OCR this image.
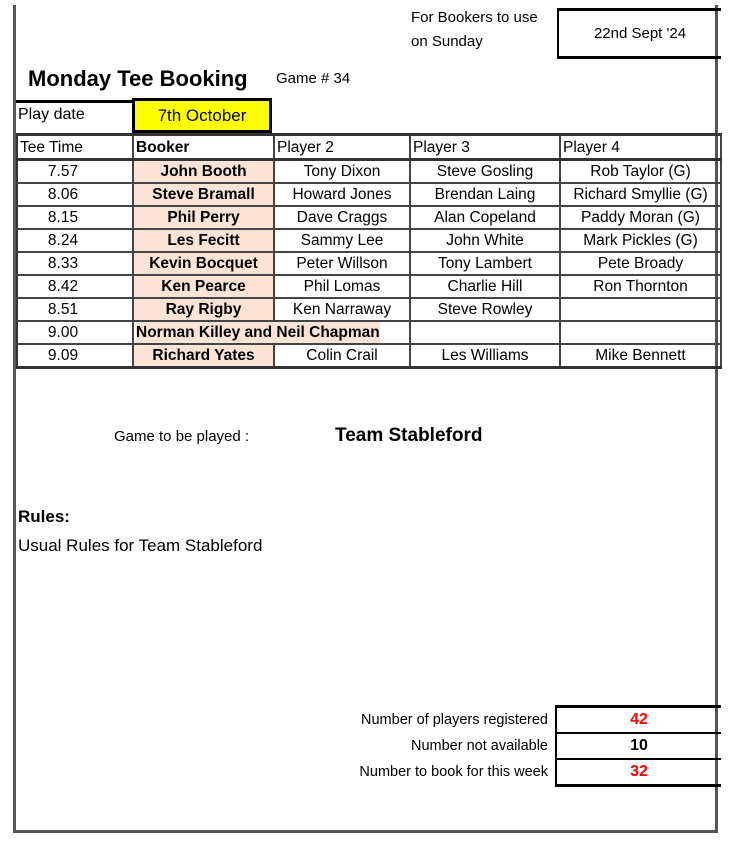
For Bookers to use
on Sunday	22nd Sept '24
Monday Tee Booking Game # 34
Play date	7th October
Tee Time	Booker	Player 2	Player 3	Player 4
7.57	John Booth	Tony Dixon	Steve Gosling	Rob Taylor (G)
8.06	Steve Bramall	Howard Jones	Brendan Laing	Richard Smyllie (G)
8.15	Phil Perry	Dave Craggs	Alan Copeland	Paddy Moran (G)
8.24	Les Fecitt	Sammy Lee	John White	Mark Pickles (G)
8.33	Kevin Bocquet	Peter Willson	Tony Lambert	Pete Broady
8.42	Ken Pearce	Phil Lomas	Charlie Hill	Ron Thornton
8.51	Ray Rigby	Ken Narraway	Steve Rowley	
9.00	Norman Killey and Neil Chapman			
9.09	Richard Yates	Colin Crail	Les Williams	Mike Bennett
Game to be played :	Team Stableford
Rules:
Usual Rules for Team Stableford
Number of players registered	42
Number not available	10
Number to book for this week	32
